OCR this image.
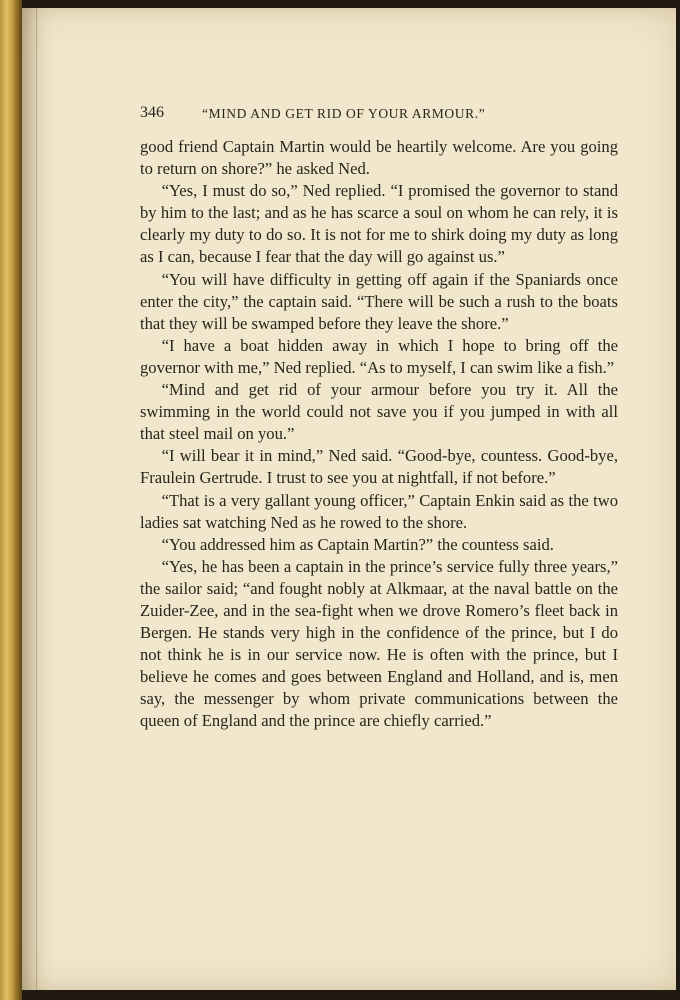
346	“MIND AND GET RID OF YOUR ARMOUR.”

good friend Captain Martin would be heartily welcome. Are you going to return on shore?” he asked Ned.

“Yes, I must do so,” Ned replied. “I promised the governor to stand by him to the last; and as he has scarce a soul on whom he can rely, it is clearly my duty to do so. It is not for me to shirk doing my duty as long as I can, because I fear that the day will go against us.”

“You will have difficulty in getting off again if the Spaniards once enter the city,” the captain said. “There will be such a rush to the boats that they will be swamped before they leave the shore.”

“I have a boat hidden away in which I hope to bring off the governor with me,” Ned replied. “As to myself, I can swim like a fish.”

“Mind and get rid of your armour before you try it. All the swimming in the world could not save you if you jumped in with all that steel mail on you.”

“I will bear it in mind,” Ned said. “Good-bye, countess. Good-bye, Fraulein Gertrude. I trust to see you at nightfall, if not before.”

“That is a very gallant young officer,” Captain Enkin said as the two ladies sat watching Ned as he rowed to the shore.

“You addressed him as Captain Martin?” the countess said.

“Yes, he has been a captain in the prince’s service fully three years,” the sailor said; “and fought nobly at Alkmaar, at the naval battle on the Zuider-Zee, and in the sea-fight when we drove Romero’s fleet back in Bergen. He stands very high in the confidence of the prince, but I do not think he is in our service now. He is often with the prince, but I believe he comes and goes between England and Holland, and is, men say, the messenger by whom private communications between the queen of England and the prince are chiefly carried.”
